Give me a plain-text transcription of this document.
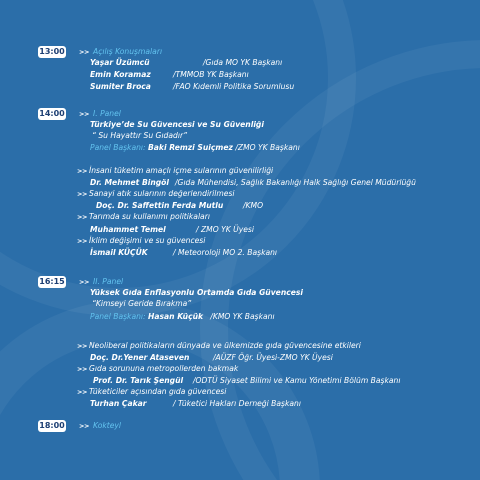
13:00 >> Açılış Konuşmaları
Yaşar Üzümcü	/Gıda MO YK Başkanı
Emin Koramaz	/TMMOB YK Başkanı
Sumiter Broca	/FAO Kıdemli Politika Sorumlusu
14:00 >> I. Panel
Türkiye’de Su Güvencesi ve Su Güvenliği
“ Su Hayattır Su Gıdadır”
Panel Başkanı: Baki Remzi Suiçmez /ZMO YK Başkanı
>> İnsani tüketim amaçlı içme sularının güvenilirliği
Dr. Mehmet Bingöl /Gıda Mühendisi, Sağlık Bakanlığı Halk Sağlığı Genel Müdürlüğü
>> Sanayi atık sularının değerlendirilmesi
Doç. Dr. Saffettin Ferda Mutlu	/KMO
>> Tarımda su kullanımı politikaları
Muhammet Temel	/ ZMO YK Üyesi
>> İklim değişimi ve su güvencesi
İsmail KÜÇÜK	/ Meteoroloji MO 2. Başkanı
16:15 >> II. Panel
Yüksek Gıda Enflasyonlu Ortamda Gıda Güvencesi
“Kimseyi Geride Bırakma”
Panel Başkanı: Hasan Küçük /KMO YK Başkanı
>> Neoliberal politikaların dünyada ve ülkemizde gıda güvencesine etkileri
Doç. Dr.Yener Ataseven	/AÜZF Öğr. Üyesi-ZMO YK Üyesi
>> Gıda sorununa metropollerden bakmak
Prof. Dr. Tarık Şengül /ODTÜ Siyaset Bilimi ve Kamu Yönetimi Bölüm Başkanı
>> Tüketiciler açısından gıda güvencesi
Turhan Çakar	/ Tüketici Hakları Derneği Başkanı
18:00 >> Kokteyl
